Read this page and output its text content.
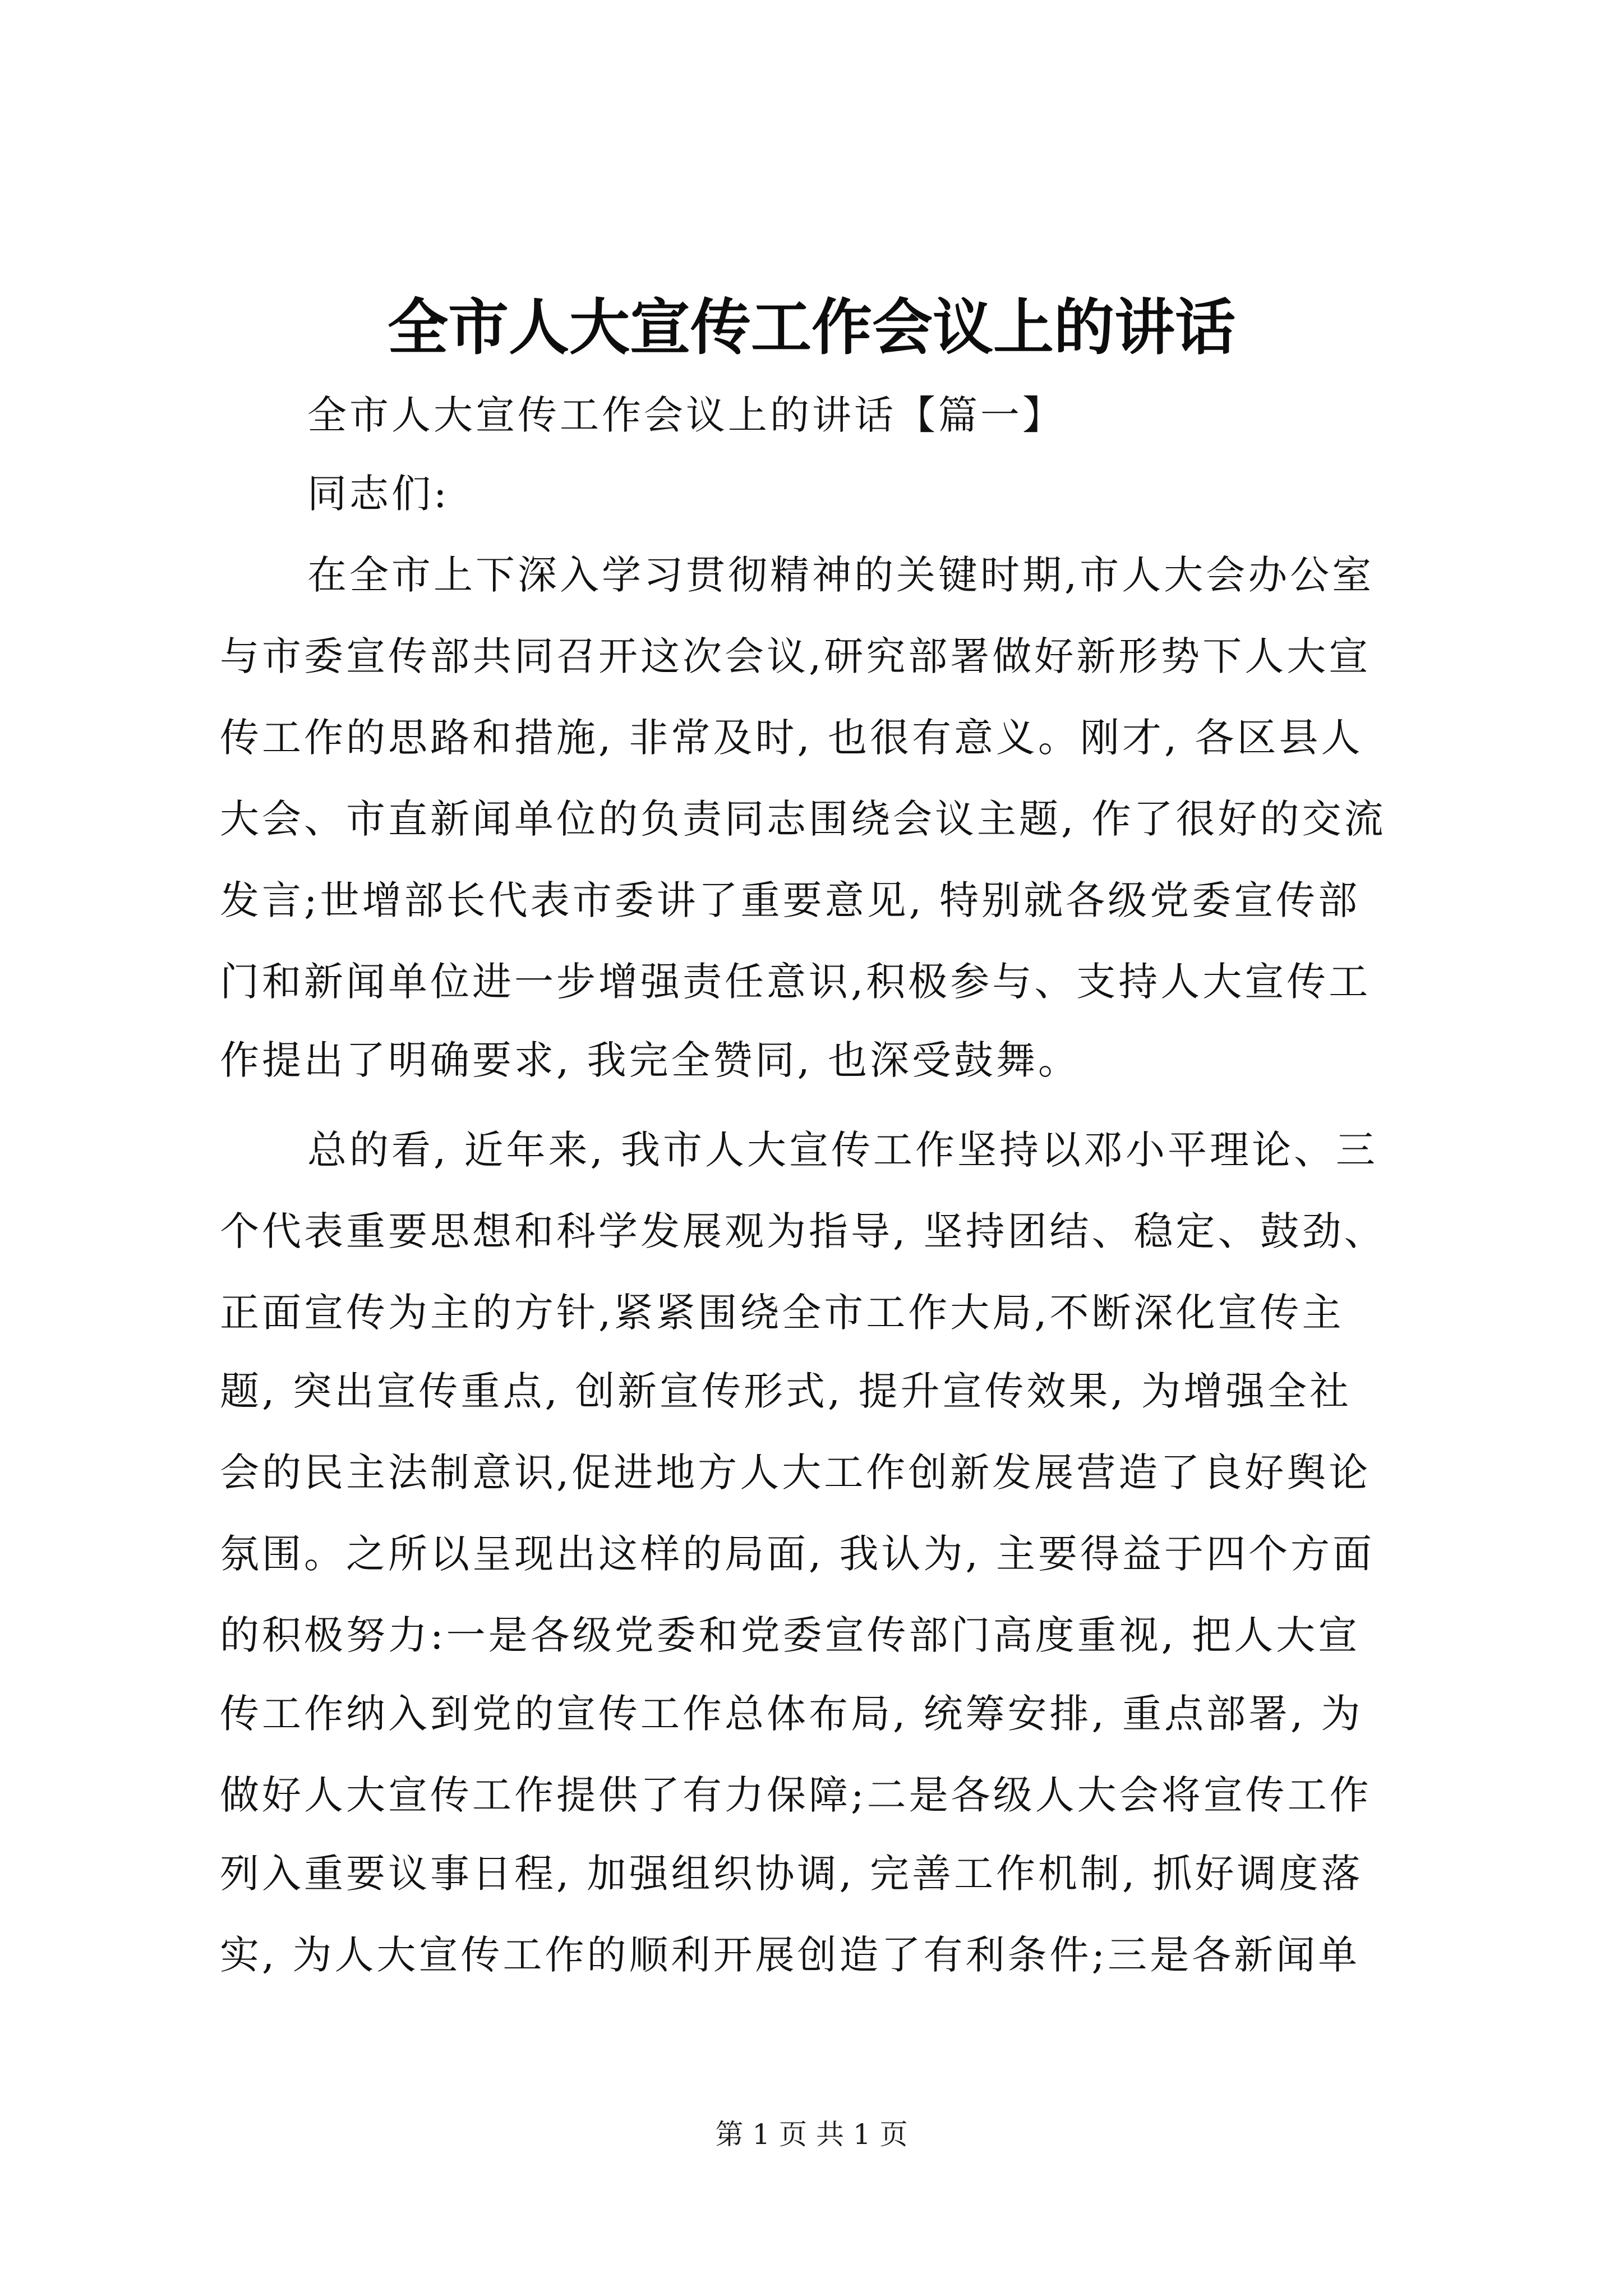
全市人大宣传工作会议上的讲话
全市人大宣传工作会议上的讲话【篇一】
同志们:
在全市上下深入学习贯彻精神的关键时期,市人大会办公室
与市委宣传部共同召开这次会议,研究部署做好新形势下人大宣
传工作的思路和措施, 非常及时, 也很有意义。刚才, 各区县人
大会、市直新闻单位的负责同志围绕会议主题, 作了很好的交流
发言;世增部长代表市委讲了重要意见, 特别就各级党委宣传部
门和新闻单位进一步增强责任意识,积极参与、支持人大宣传工
作提出了明确要求, 我完全赞同, 也深受鼓舞。
总的看, 近年来, 我市人大宣传工作坚持以邓小平理论、三
个代表重要思想和科学发展观为指导, 坚持团结、稳定、鼓劲、
正面宣传为主的方针,紧紧围绕全市工作大局,不断深化宣传主
题, 突出宣传重点, 创新宣传形式, 提升宣传效果, 为增强全社
会的民主法制意识,促进地方人大工作创新发展营造了良好舆论
氛围。之所以呈现出这样的局面, 我认为, 主要得益于四个方面
的积极努力:一是各级党委和党委宣传部门高度重视, 把人大宣
传工作纳入到党的宣传工作总体布局, 统筹安排, 重点部署, 为
做好人大宣传工作提供了有力保障;二是各级人大会将宣传工作
列入重要议事日程, 加强组织协调, 完善工作机制, 抓好调度落
实, 为人大宣传工作的顺利开展创造了有利条件;三是各新闻单
第 1 页 共 1 页
